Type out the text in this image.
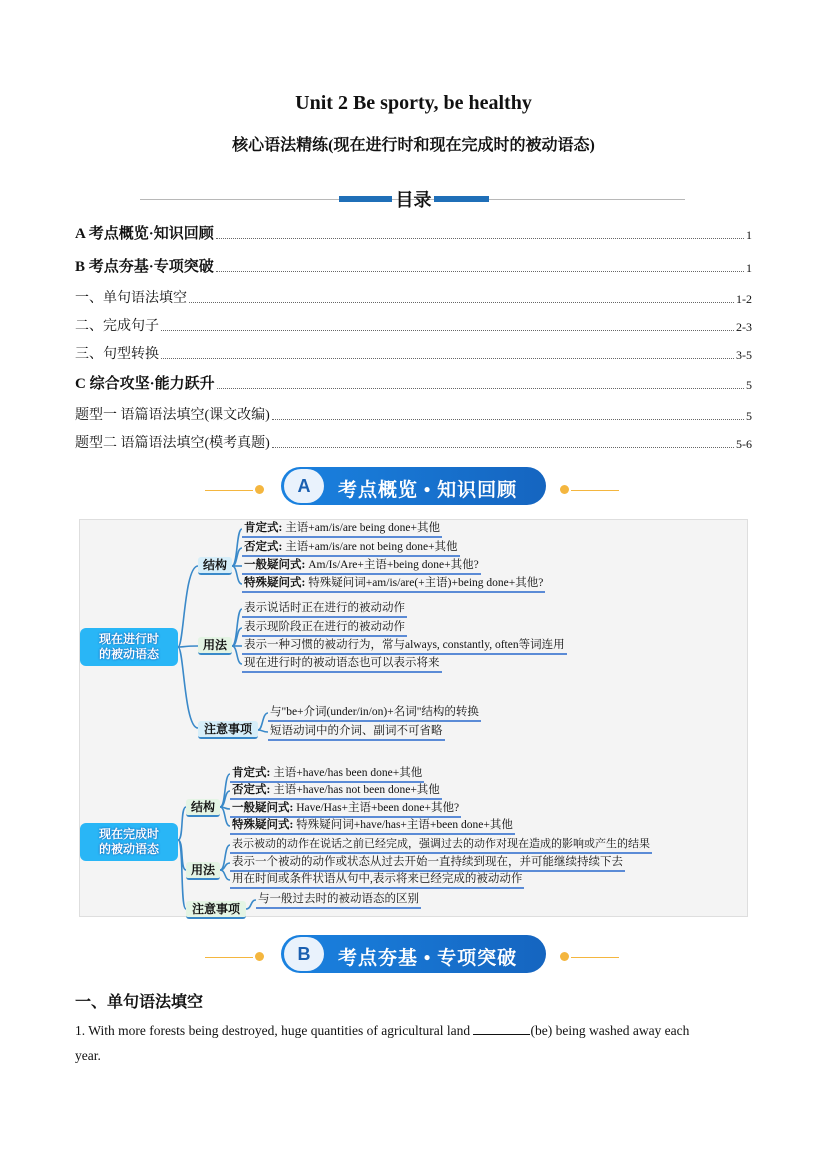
Unit 2 Be sporty, be healthy
核心语法精练(现在进行时和现在完成时的被动语态)
目录
A 考点概览·知识回顾	1
B 考点夯基·专项突破	1
一、单句语法填空	1-2
二、完成句子	2-3
三、句型转换	3-5
C 综合攻坚·能力跃升	5
题型一 语篇语法填空(课文改编)	5
题型二 语篇语法填空(模考真题)	5-6
A	考点概览 • 知识回顾
现在进行时
的被动语态
结构
用法
注意事项
肯定式: 主语+am/is/are being done+其他
否定式: 主语+am/is/are not being done+其他
一般疑问式: Am/Is/Are+主语+being done+其他?
特殊疑问式: 特殊疑问词+am/is/are(+主语)+being done+其他?
表示说话时正在进行的被动动作
表示现阶段正在进行的被动动作
表示一种习惯的被动行为，常与always, constantly, often等词连用
现在进行时的被动语态也可以表示将来
与"be+介词(under/in/on)+名词"结构的转换
短语动词中的介词、副词不可省略
现在完成时
的被动语态
结构
用法
注意事项
肯定式: 主语+have/has been done+其他
否定式: 主语+have/has not been done+其他
一般疑问式: Have/Has+主语+been done+其他?
特殊疑问式: 特殊疑问词+have/has+主语+been done+其他
表示被动的动作在说话之前已经完成，强调过去的动作对现在造成的影响或产生的结果
表示一个被动的动作或状态从过去开始一直持续到现在，并可能继续持续下去
用在时间或条件状语从句中,表示将来已经完成的被动动作
与一般过去时的被动语态的区别
B	考点夯基 • 专项突破
一、单句语法填空
1. With more forests being destroyed, huge quantities of agricultural land	(be) being washed away each
year.
